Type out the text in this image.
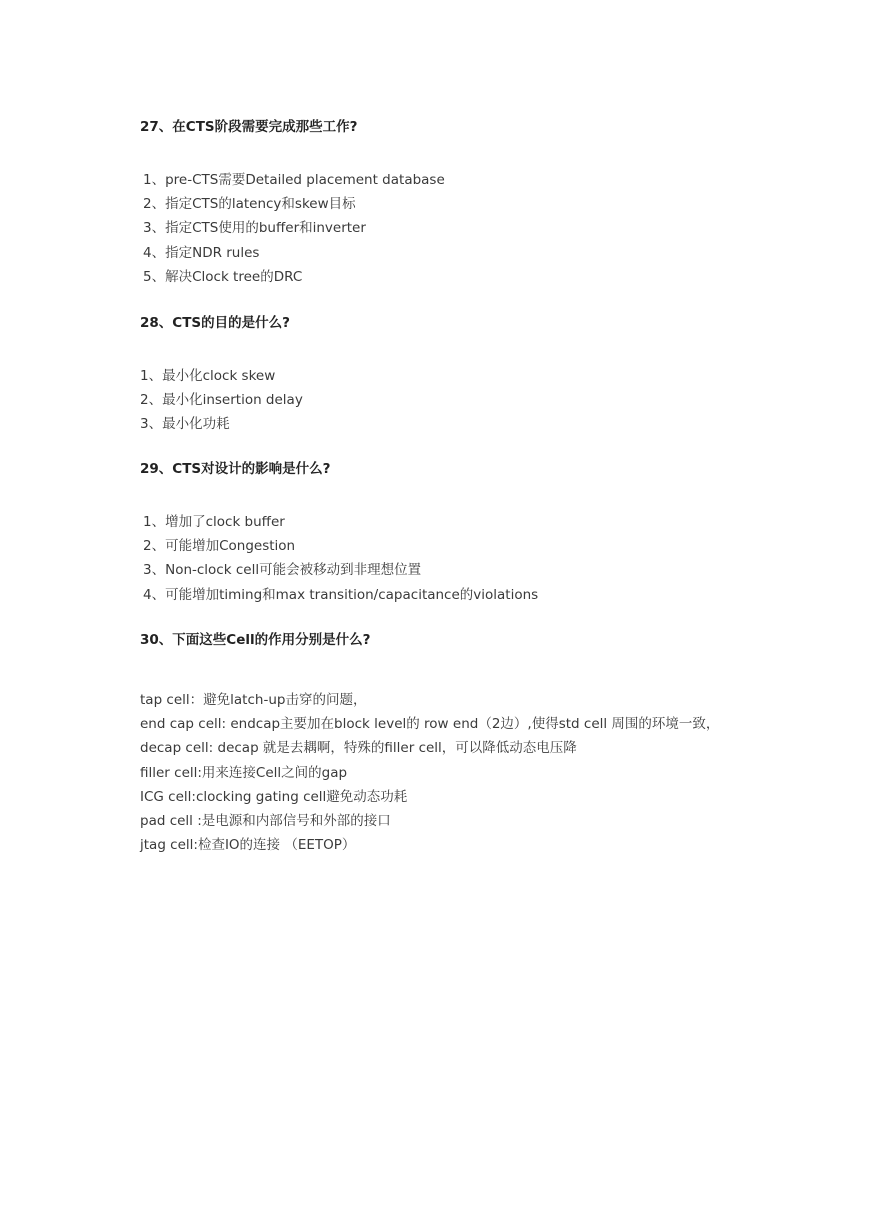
27、在CTS阶段需要完成那些工作?
1、pre-CTS需要Detailed placement database
2、指定CTS的latency和skew目标
3、指定CTS使用的buffer和inverter
4、指定NDR rules
5、解决Clock tree的DRC
28、CTS的目的是什么?
1、最小化clock skew
2、最小化insertion delay
3、最小化功耗
29、CTS对设计的影响是什么?
1、增加了clock buffer
2、可能增加Congestion
3、Non-clock cell可能会被移动到非理想位置
4、可能增加timing和max transition/capacitance的violations
30、下面这些Cell的作用分别是什么?
tap cell：避免latch-up击穿的问题，
end cap cell: endcap主要加在block level的 row end（2边）,使得std cell 周围的环境一致，
decap cell: decap 就是去耦啊，特殊的filler cell，可以降低动态电压降
filler cell:用来连接Cell之间的gap
ICG cell:clocking gating cell避免动态功耗
pad cell :是电源和内部信号和外部的接口
jtag cell:检查IO的连接 （EETOP）
